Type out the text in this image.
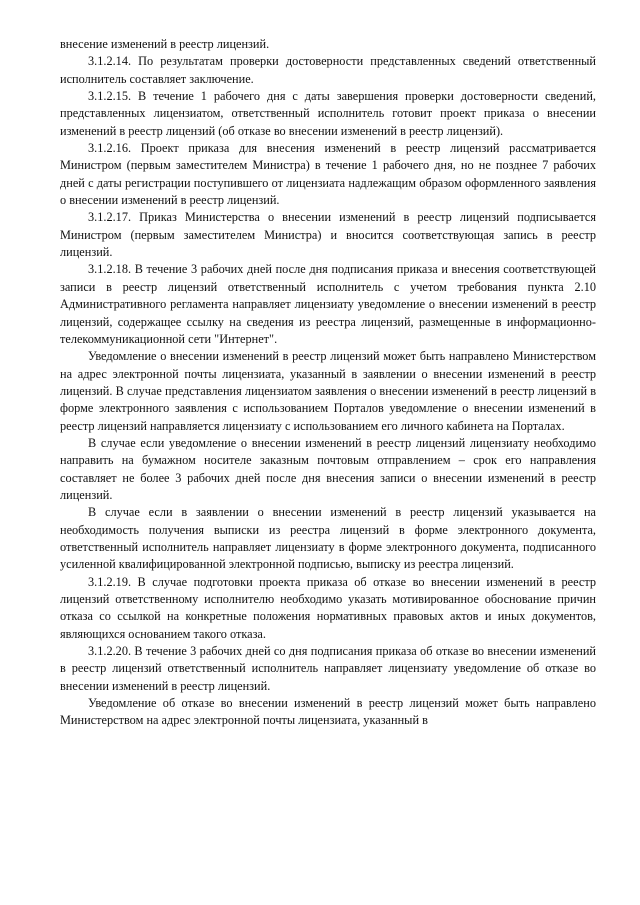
внесение изменений в реестр лицензий.

3.1.2.14. По результатам проверки достоверности представленных сведений ответственный исполнитель составляет заключение.

3.1.2.15. В течение 1 рабочего дня с даты завершения проверки достоверности сведений, представленных лицензиатом, ответственный исполнитель готовит проект приказа о внесении изменений в реестр лицензий (об отказе во внесении изменений в реестр лицензий).

3.1.2.16. Проект приказа для внесения изменений в реестр лицензий рассматривается Министром (первым заместителем Министра) в течение 1 рабочего дня, но не позднее 7 рабочих дней с даты регистрации поступившего от лицензиата надлежащим образом оформленного заявления о внесении изменений в реестр лицензий.

3.1.2.17. Приказ Министерства о внесении изменений в реестр лицензий подписывается Министром (первым заместителем Министра) и вносится соответствующая запись в реестр лицензий.

3.1.2.18. В течение 3 рабочих дней после дня подписания приказа и внесения соответствующей записи в реестр лицензий ответственный исполнитель с учетом требования пункта 2.10 Административного регламента направляет лицензиату уведомление о внесении изменений в реестр лицензий, содержащее ссылку на сведения из реестра лицензий, размещенные в информационно-телекоммуникационной сети "Интернет".

Уведомление о внесении изменений в реестр лицензий может быть направлено Министерством на адрес электронной почты лицензиата, указанный в заявлении о внесении изменений в реестр лицензий. В случае представления лицензиатом заявления о внесении изменений в реестр лицензий в форме электронного заявления с использованием Порталов уведомление о внесении изменений в реестр лицензий направляется лицензиату с использованием его личного кабинета на Порталах.

В случае если уведомление о внесении изменений в реестр лицензий лицензиату необходимо направить на бумажном носителе заказным почтовым отправлением – срок его направления составляет не более 3 рабочих дней после дня внесения записи о внесении изменений в реестр лицензий.

В случае если в заявлении о внесении изменений в реестр лицензий указывается на необходимость получения выписки из реестра лицензий в форме электронного документа, ответственный исполнитель направляет лицензиату в форме электронного документа, подписанного усиленной квалифицированной электронной подписью, выписку из реестра лицензий.

3.1.2.19. В случае подготовки проекта приказа об отказе во внесении изменений в реестр лицензий ответственному исполнителю необходимо указать мотивированное обоснование причин отказа со ссылкой на конкретные положения нормативных правовых актов и иных документов, являющихся основанием такого отказа.

3.1.2.20. В течение 3 рабочих дней со дня подписания приказа об отказе во внесении изменений в реестр лицензий ответственный исполнитель направляет лицензиату уведомление об отказе во внесении изменений в реестр лицензий.

Уведомление об отказе во внесении изменений в реестр лицензий может быть направлено Министерством на адрес электронной почты лицензиата, указанный в
